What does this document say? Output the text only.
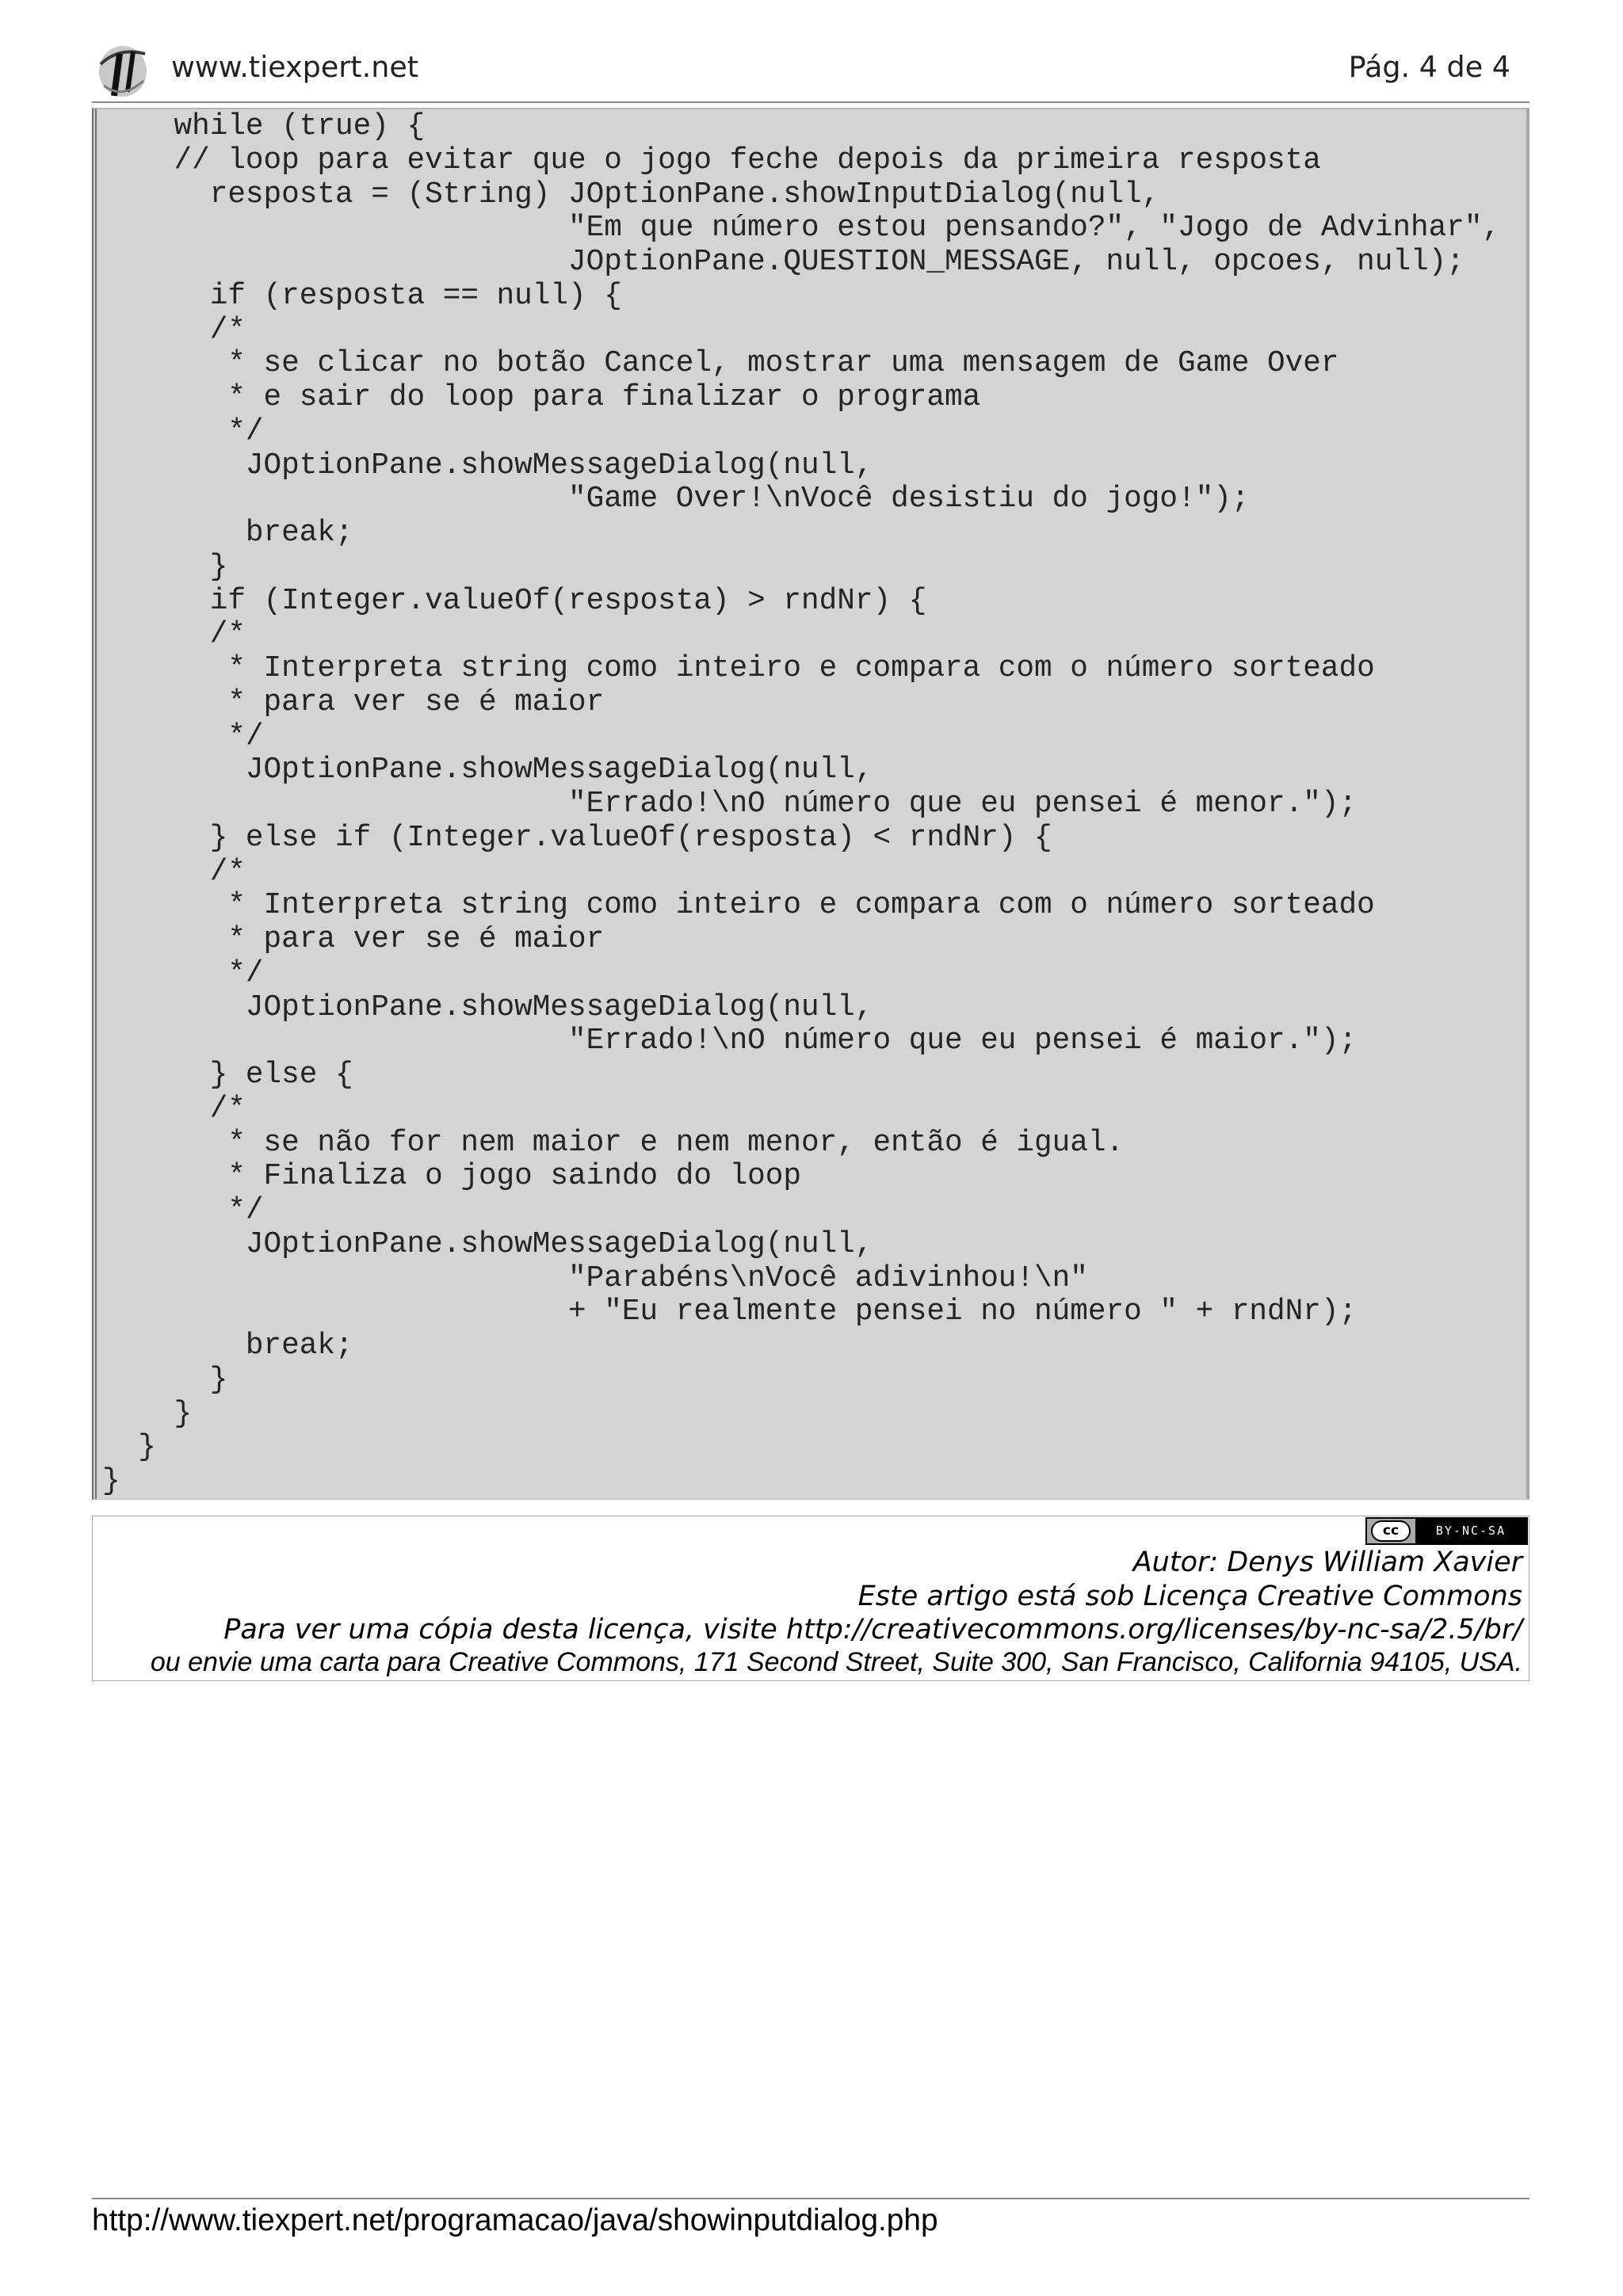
www.tiexpert.net	Pág. 4 de 4
while (true) {
// loop para evitar que o jogo feche depois da primeira resposta
resposta = (String) JOptionPane.showInputDialog(null,
"Em que número estou pensando?", "Jogo de Advinhar",
JOptionPane.QUESTION_MESSAGE, null, opcoes, null);
if (resposta == null) {
/*
* se clicar no botão Cancel, mostrar uma mensagem de Game Over
* e sair do loop para finalizar o programa
*/
JOptionPane.showMessageDialog(null,
"Game Over!\nVocê desistiu do jogo!");
break;
}
if (Integer.valueOf(resposta) > rndNr) {
/*
* Interpreta string como inteiro e compara com o número sorteado
* para ver se é maior
*/
JOptionPane.showMessageDialog(null,
"Errado!\nO número que eu pensei é menor.");
} else if (Integer.valueOf(resposta) < rndNr) {
/*
* Interpreta string como inteiro e compara com o número sorteado
* para ver se é maior
*/
JOptionPane.showMessageDialog(null,
"Errado!\nO número que eu pensei é maior.");
} else {
/*
* se não for nem maior e nem menor, então é igual.
* Finaliza o jogo saindo do loop
*/
JOptionPane.showMessageDialog(null,
"Parabéns\nVocê adivinhou!\n"
+ "Eu realmente pensei no número " + rndNr);
break;
}
}
}
}
cc	BY-NC-SA
Autor: Denys William Xavier
Este artigo está sob Licença Creative Commons
Para ver uma cópia desta licença, visite http://creativecommons.org/licenses/by-nc-sa/2.5/br/
ou envie uma carta para Creative Commons, 171 Second Street, Suite 300, San Francisco, California 94105, USA.
http://www.tiexpert.net/programacao/java/showinputdialog.php
